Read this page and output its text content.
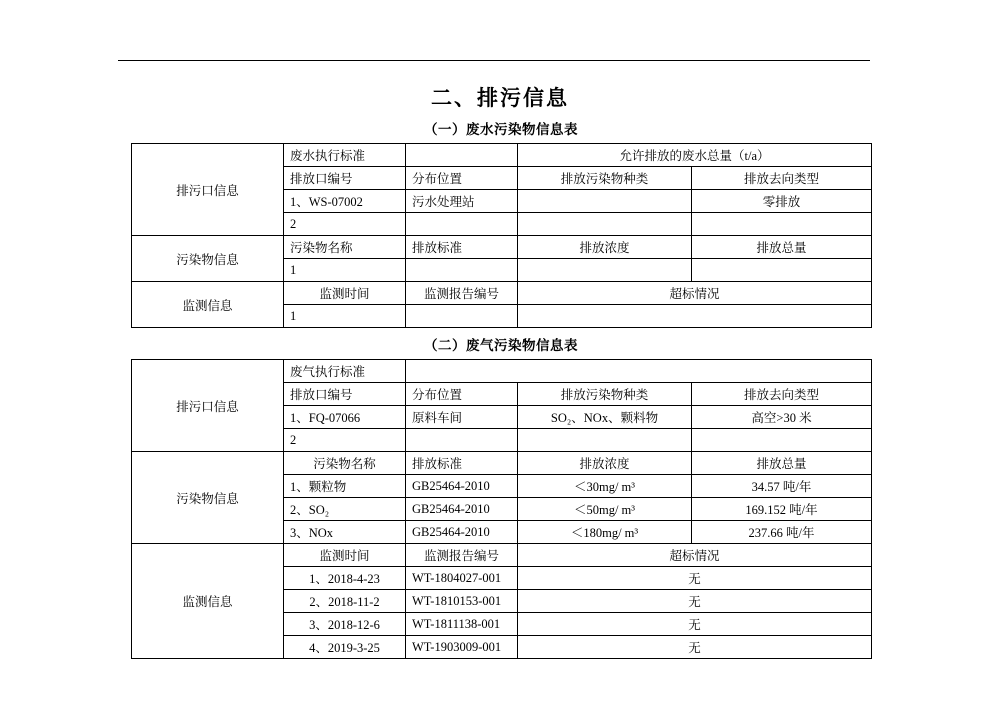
二、排污信息
（一）废水污染物信息表
排污口信息	废水执行标准		允许排放的废水总量（t/a）	
	排放口编号	分布位置	排放污染物种类	排放去向类型
	1、WS-07002	污水处理站		零排放
	2			
污染物信息	污染物名称	排放标准	排放浓度	排放总量
	1			
监测信息	监测时间	监测报告编号	超标情况	
	1			
（二）废气污染物信息表
排污口信息	废气执行标准			
	排放口编号	分布位置	排放污染物种类	排放去向类型
	1、FQ-07066	原料车间	SO₂、NOx、颗料物	高空>30 米
	2			
污染物信息	污染物名称	排放标准	排放浓度	排放总量
	1、颗粒物	GB25464-2010	＜30mg/ m³	34.57 吨/年
	2、SO₂	GB25464-2010	＜50mg/ m³	169.152 吨/年
	3、NOx	GB25464-2010	＜180mg/ m³	237.66 吨/年
监测信息	监测时间	监测报告编号	超标情况	
	1、2018-4-23	WT-1804027-001	无	
	2、2018-11-2	WT-1810153-001	无	
	3、2018-12-6	WT-1811138-001	无	
	4、2019-3-25	WT-1903009-001	无	
